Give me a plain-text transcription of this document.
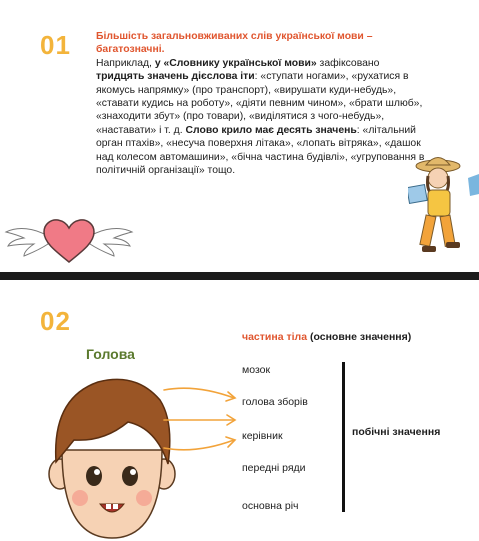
01 Більшість загальновживаних слів української мови – багатозначні.
Наприклад, у «Словнику української мови» зафіксовано тридцять значень дієслова іти: «ступати ногами», «рухатися в якомусь напрямку» (про транспорт), «вирушати куди-небудь», «ставати кудись на роботу», «діяти певним чином», «брати шлюб», «знаходити збут» (про товари), «виділятися з чого-небудь», «наставати» і т. д. Слово крило має десять значень: «літальний орган птахів», «несуча поверхня літака», «лопать вітряка», «дашок над колесом автомашини», «бічна частина будівлі», «угруповання в політичній організації» тощо.
02
Голова
частина тіла (основне значення)
мозок
голова зборів
керівник
передні ряди
основна річ
побічні значення
